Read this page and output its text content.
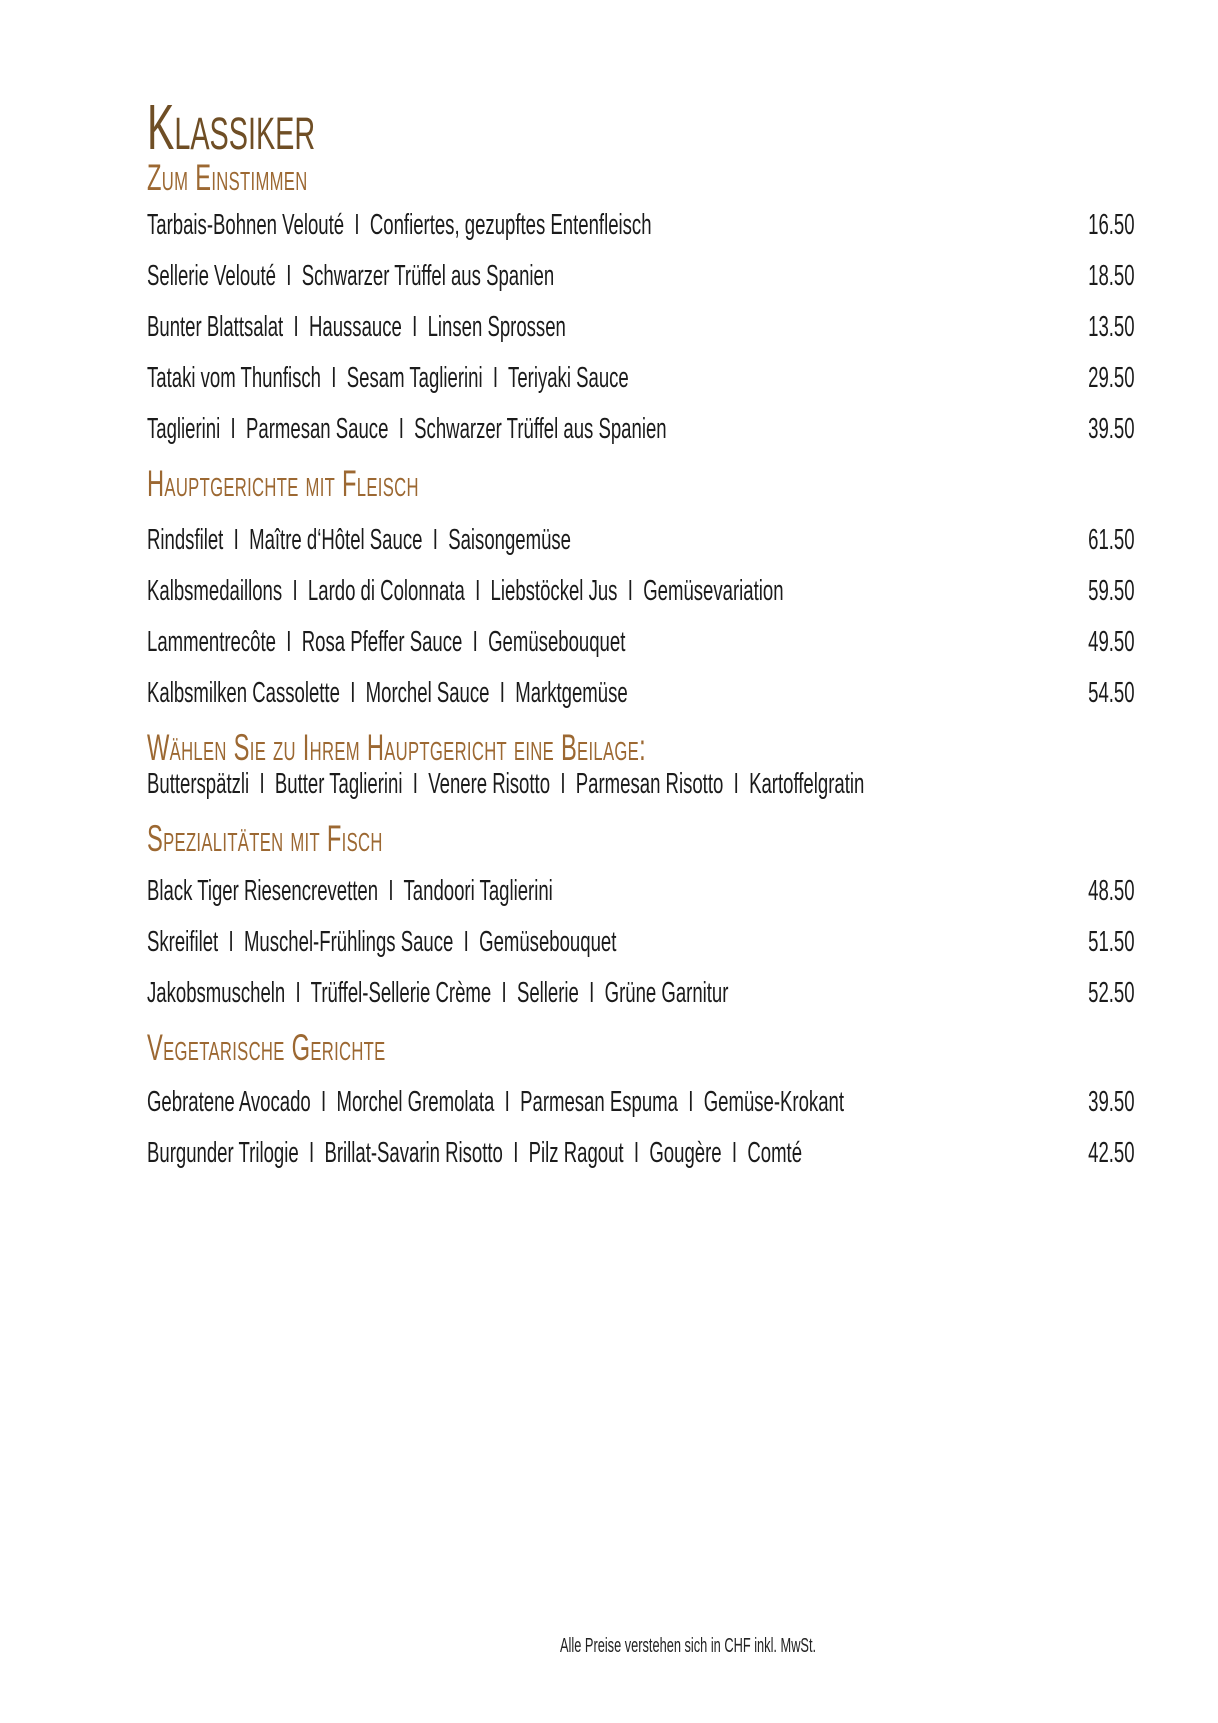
Klassiker
Zum Einstimmen
Tarbais-Bohnen Velouté  I  Confiertes, gezupftes Entenfleisch	16.50
Sellerie Velouté  I  Schwarzer Trüffel aus Spanien	18.50
Bunter Blattsalat  I  Haussauce  I  Linsen Sprossen	13.50
Tataki vom Thunfisch  I  Sesam Taglierini  I  Teriyaki Sauce	29.50
Taglierini  I  Parmesan Sauce  I  Schwarzer Trüffel aus Spanien	39.50
Hauptgerichte mit Fleisch
Rindsfilet  I  Maître d‘Hôtel Sauce  I  Saisongemüse	61.50
Kalbsmedaillons  I  Lardo di Colonnata  I  Liebstöckel Jus  I  Gemüsevariation	59.50
Lammentrecôte  I  Rosa Pfeffer Sauce  I  Gemüsebouquet	49.50
Kalbsmilken Cassolette  I  Morchel Sauce  I  Marktgemüse	54.50
Wählen Sie zu Ihrem Hauptgericht eine Beilage:
Butterspätzli  I  Butter Taglierini  I  Venere Risotto  I  Parmesan Risotto  I  Kartoffelgratin
Spezialitäten mit Fisch
Black Tiger Riesencrevetten  I  Tandoori Taglierini	48.50
Skreifilet  I  Muschel-Frühlings Sauce  I  Gemüsebouquet	51.50
Jakobsmuscheln  I  Trüffel-Sellerie Crème  I  Sellerie  I  Grüne Garnitur	52.50
Vegetarische Gerichte
Gebratene Avocado  I  Morchel Gremolata  I  Parmesan Espuma  I  Gemüse-Krokant	39.50
Burgunder Trilogie  I  Brillat-Savarin Risotto  I  Pilz Ragout  I  Gougère  I  Comté	42.50
Alle Preise verstehen sich in CHF inkl. MwSt.
